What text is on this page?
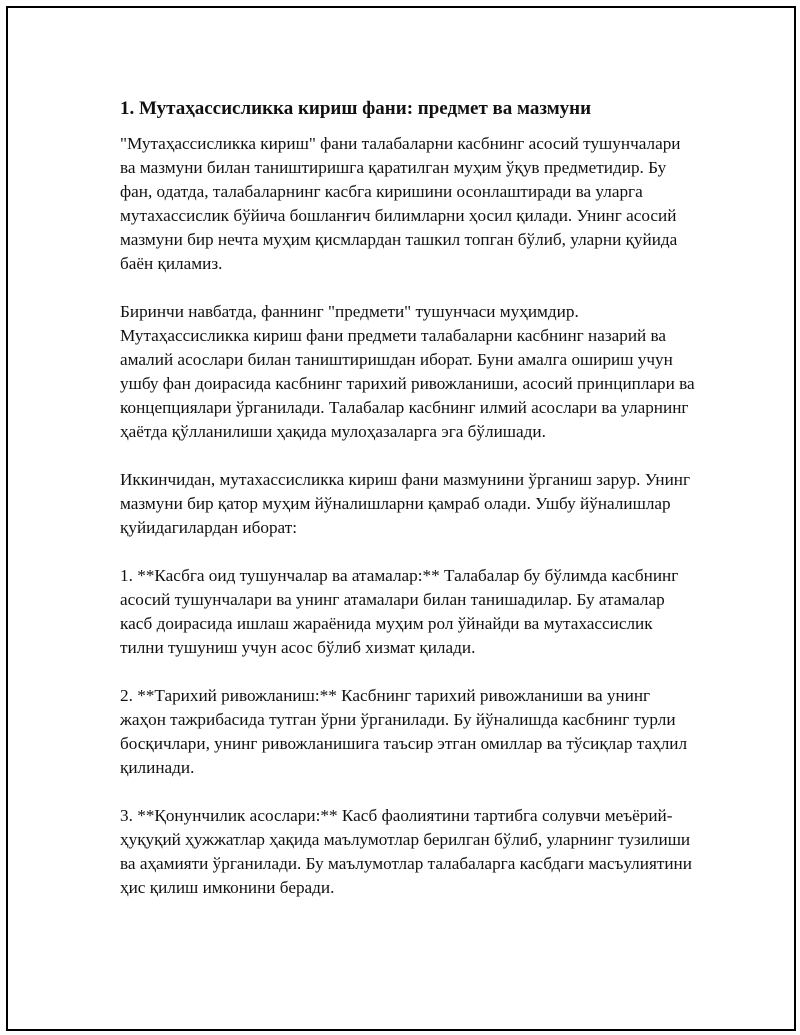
1. Мутаҳассисликка кириш фани: предмет ва мазмуни

"Мутаҳассисликка кириш" фани талабаларни касбнинг асосий тушунчалари ва мазмуни билан таништиришга қаратилган муҳим ўқув предметидир. Бу фан, одатда, талабаларнинг касбга киришини осонлаштиради ва уларга мутахассислик бўйича бошланғич билимларни ҳосил қилади. Унинг асосий мазмуни бир нечта муҳим қисмлардан ташкил топган бўлиб, уларни қуйида баён қиламиз.

Биринчи навбатда, фаннинг "предмети" тушунчаси муҳимдир. Мутаҳассисликка кириш фани предмети талабаларни касбнинг назарий ва амалий асослари билан таништиришдан иборат. Буни амалга ошириш учун ушбу фан доирасида касбнинг тарихий ривожланиши, асосий принциплари ва концепциялари ўрганилади. Талабалар касбнинг илмий асослари ва уларнинг ҳаётда қўлланилиши ҳақида мулоҳазаларга эга бўлишади.

Иккинчидан, мутахассисликка кириш фани мазмунини ўрганиш зарур. Унинг мазмуни бир қатор муҳим йўналишларни қамраб олади. Ушбу йўналишлар қуйидагилардан иборат:

1. **Касбга оид тушунчалар ва атамалар:** Талабалар бу бўлимда касбнинг асосий тушунчалари ва унинг атамалари билан танишадилар. Бу атамалар касб доирасида ишлаш жараёнида муҳим рол ўйнайди ва мутахассислик тилни тушуниш учун асос бўлиб хизмат қилади.

2. **Тарихий ривожланиш:** Касбнинг тарихий ривожланиши ва унинг жаҳон тажрибасида тутган ўрни ўрганилади. Бу йўналишда касбнинг турли босқичлари, унинг ривожланишига таъсир этган омиллар ва тўсиқлар таҳлил қилинади.

3. **Қонунчилик асослари:** Касб фаолиятини тартибга солувчи меъёрий-ҳуқуқий ҳужжатлар ҳақида маълумотлар берилган бўлиб, уларнинг тузилиши ва аҳамияти ўрганилади. Бу маълумотлар талабаларга касбдаги масъулиятини ҳис қилиш имконини беради.
